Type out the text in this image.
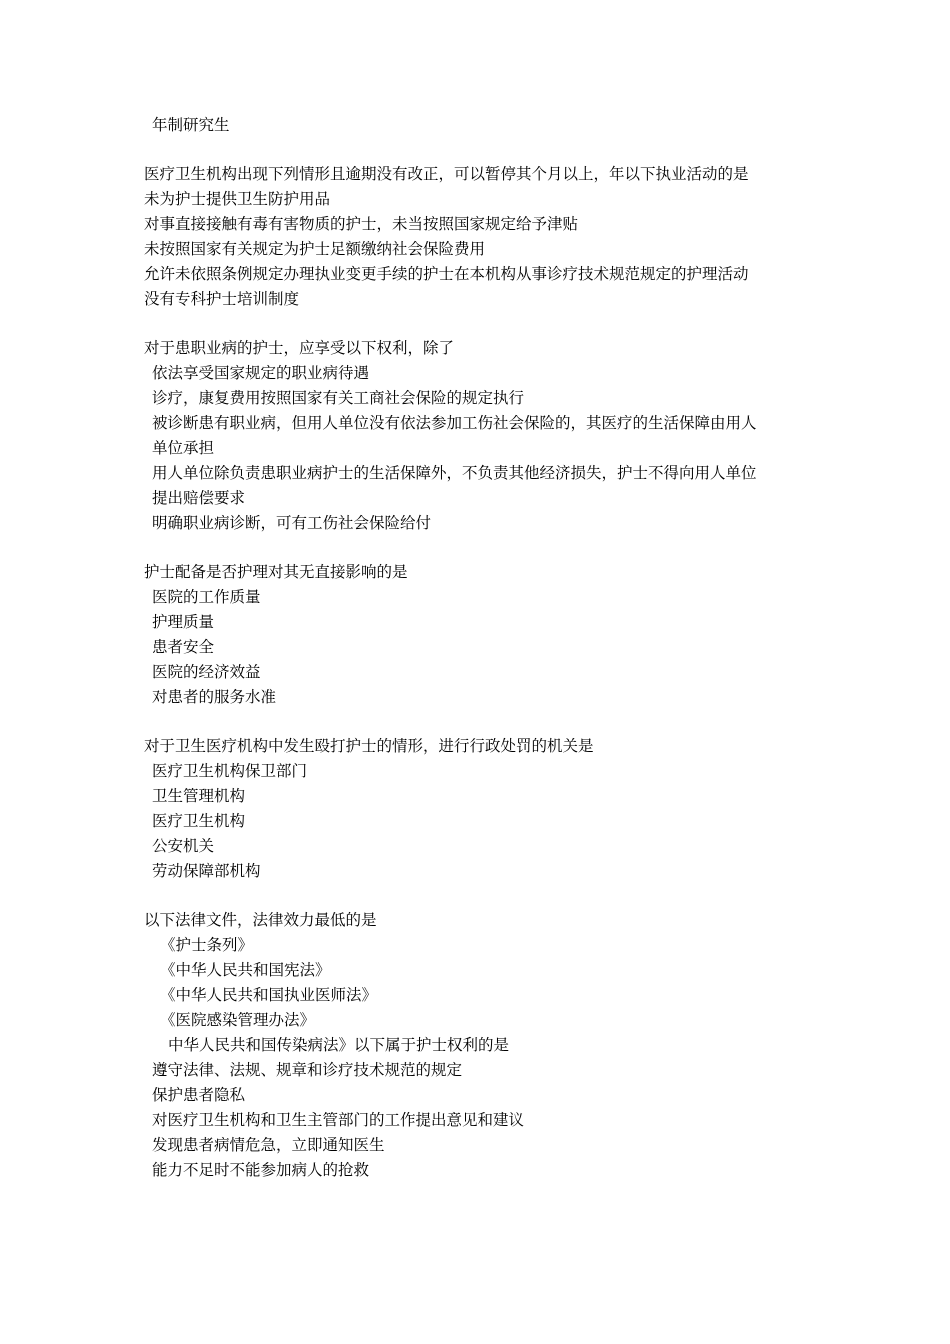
年制研究生
医疗卫生机构出现下列情形且逾期没有改正，可以暂停其个月以上，年以下执业活动的是
未为护士提供卫生防护用品
对事直接接触有毒有害物质的护士，未当按照国家规定给予津贴
未按照国家有关规定为护士足额缴纳社会保险费用
允许未依照条例规定办理执业变更手续的护士在本机构从事诊疗技术规范规定的护理活动
没有专科护士培训制度
对于患职业病的护士，应享受以下权利，除了
依法享受国家规定的职业病待遇
诊疗，康复费用按照国家有关工商社会保险的规定执行
被诊断患有职业病，但用人单位没有依法参加工伤社会保险的，其医疗的生活保障由用人
单位承担
用人单位除负责患职业病护士的生活保障外，不负责其他经济损失，护士不得向用人单位
提出赔偿要求
明确职业病诊断，可有工伤社会保险给付
护士配备是否护理对其无直接影响的是
医院的工作质量
护理质量
患者安全
医院的经济效益
对患者的服务水准
对于卫生医疗机构中发生殴打护士的情形，进行行政处罚的机关是
医疗卫生机构保卫部门
卫生管理机构
医疗卫生机构
公安机关
劳动保障部机构
以下法律文件，法律效力最低的是
《护士条列》
《中华人民共和国宪法》
《中华人民共和国执业医师法》
《医院感染管理办法》
中华人民共和国传染病法》以下属于护士权利的是
遵守法律、法规、规章和诊疗技术规范的规定
保护患者隐私
对医疗卫生机构和卫生主管部门的工作提出意见和建议
发现患者病情危急，立即通知医生
能力不足时不能参加病人的抢救
